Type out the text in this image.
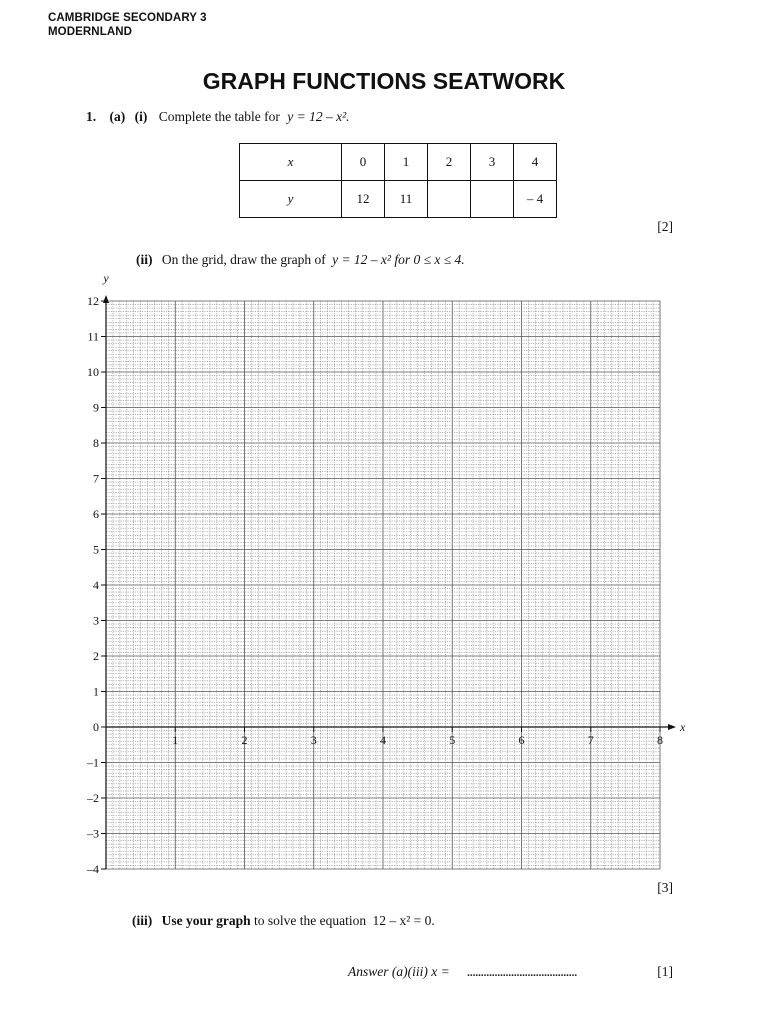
CAMBRIDGE SECONDARY 3
MODERNLAND
GRAPH FUNCTIONS SEATWORK
1. (a) (i) Complete the table for y = 12 – x².
x	0	1	2	3	4
y	12	11			– 4
[2]
(ii) On the grid, draw the graph of y = 12 – x² for 0 ≤ x ≤ 4.
12
11
10
9
8
7
6
5
4
3
2
1
0
–1
–2
–3
–4
1	2	3	4	5	6	7	8
y
x
[3]
(iii) Use your graph to solve the equation 12 – x² = 0.
Answer (a)(iii) x = ........................................	[1]
